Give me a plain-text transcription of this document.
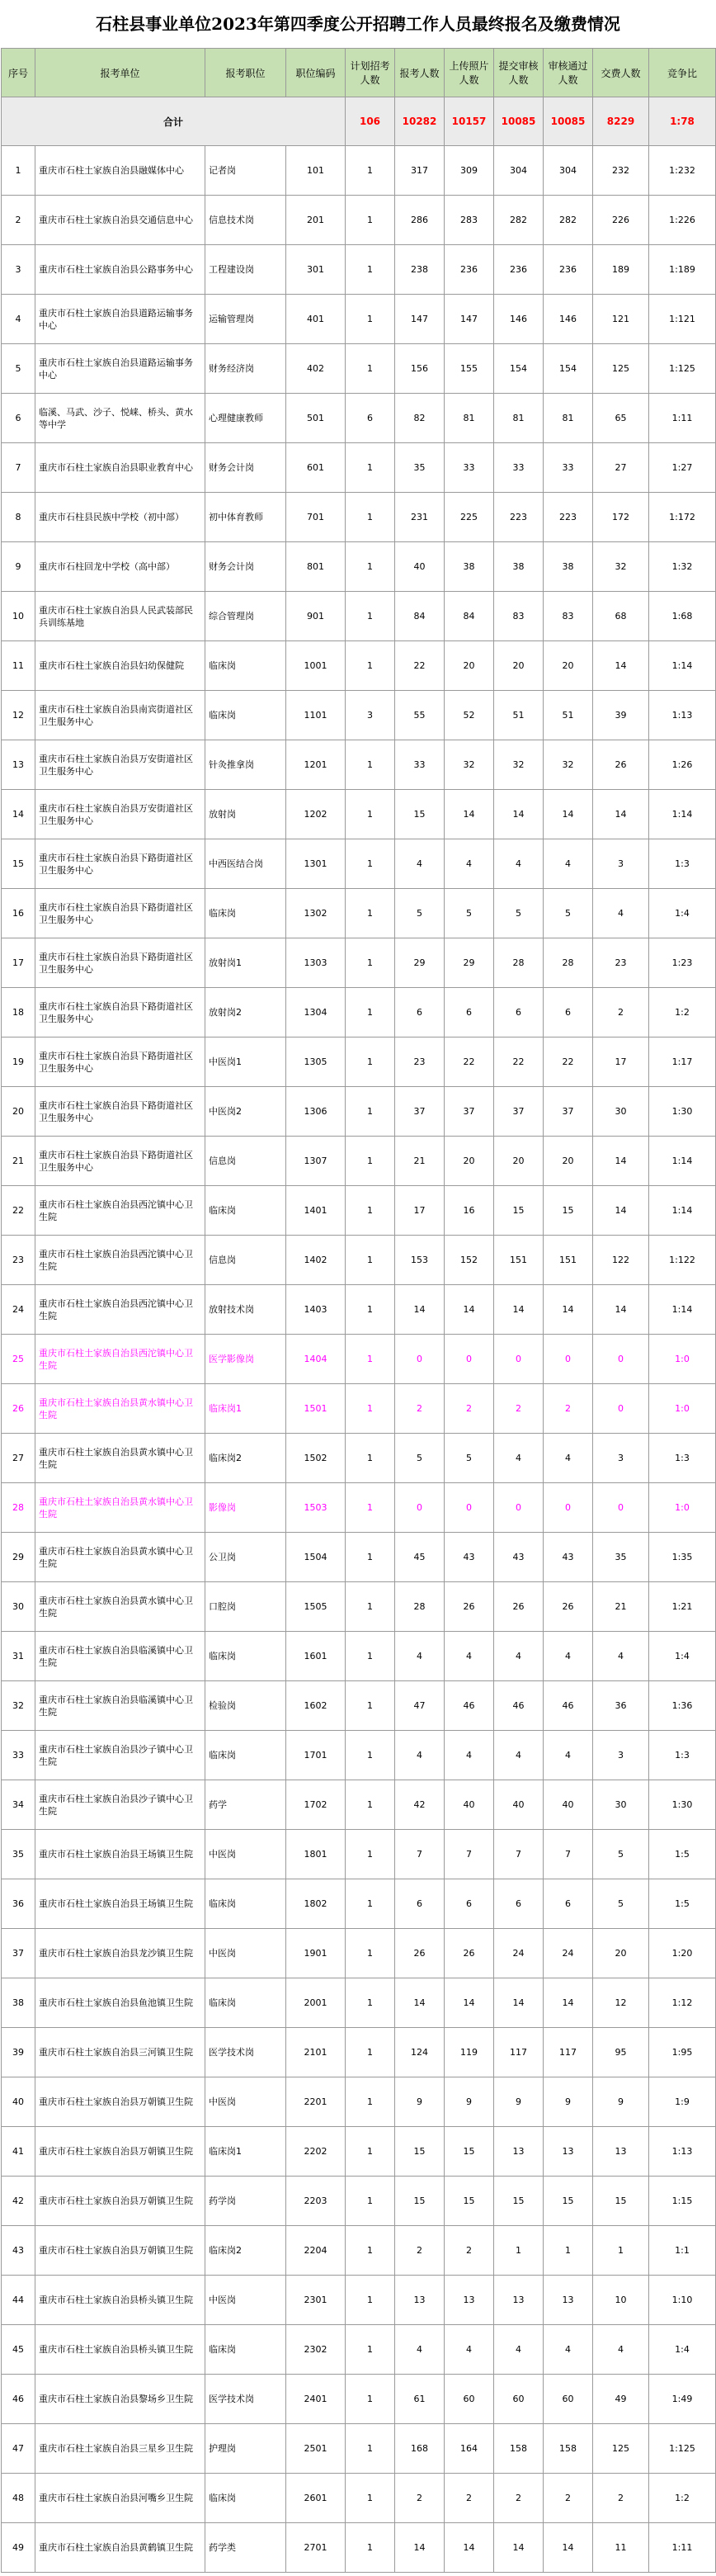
石柱县事业单位2023年第四季度公开招聘工作人员最终报名及缴费情况
序号	报考单位	报考职位	职位编码	计划招考人数	报考人数	上传照片人数	提交审核人数	审核通过人数	交费人数	竞争比
合计				106	10282	10157	10085	10085	8229	1:78
1	重庆市石柱土家族自治县融媒体中心	记者岗	101	1	317	309	304	304	232	1:232
2	重庆市石柱土家族自治县交通信息中心	信息技术岗	201	1	286	283	282	282	226	1:226
3	重庆市石柱土家族自治县公路事务中心	工程建设岗	301	1	238	236	236	236	189	1:189
4	重庆市石柱土家族自治县道路运输事务中心	运输管理岗	401	1	147	147	146	146	121	1:121
5	重庆市石柱土家族自治县道路运输事务中心	财务经济岗	402	1	156	155	154	154	125	1:125
6	临溪、马武、沙子、悦崃、桥头、黄水等中学	心理健康教师	501	6	82	81	81	81	65	1:11
7	重庆市石柱土家族自治县职业教育中心	财务会计岗	601	1	35	33	33	33	27	1:27
8	重庆市石柱县民族中学校（初中部）	初中体育教师	701	1	231	225	223	223	172	1:172
9	重庆市石柱回龙中学校（高中部）	财务会计岗	801	1	40	38	38	38	32	1:32
10	重庆市石柱土家族自治县人民武装部民兵训练基地	综合管理岗	901	1	84	84	83	83	68	1:68
11	重庆市石柱土家族自治县妇幼保健院	临床岗	1001	1	22	20	20	20	14	1:14
12	重庆市石柱土家族自治县南宾街道社区卫生服务中心	临床岗	1101	3	55	52	51	51	39	1:13
13	重庆市石柱土家族自治县万安街道社区卫生服务中心	针灸推拿岗	1201	1	33	32	32	32	26	1:26
14	重庆市石柱土家族自治县万安街道社区卫生服务中心	放射岗	1202	1	15	14	14	14	14	1:14
15	重庆市石柱土家族自治县下路街道社区卫生服务中心	中西医结合岗	1301	1	4	4	4	4	3	1:3
16	重庆市石柱土家族自治县下路街道社区卫生服务中心	临床岗	1302	1	5	5	5	5	4	1:4
17	重庆市石柱土家族自治县下路街道社区卫生服务中心	放射岗1	1303	1	29	29	28	28	23	1:23
18	重庆市石柱土家族自治县下路街道社区卫生服务中心	放射岗2	1304	1	6	6	6	6	2	1:2
19	重庆市石柱土家族自治县下路街道社区卫生服务中心	中医岗1	1305	1	23	22	22	22	17	1:17
20	重庆市石柱土家族自治县下路街道社区卫生服务中心	中医岗2	1306	1	37	37	37	37	30	1:30
21	重庆市石柱土家族自治县下路街道社区卫生服务中心	信息岗	1307	1	21	20	20	20	14	1:14
22	重庆市石柱土家族自治县西沱镇中心卫生院	临床岗	1401	1	17	16	15	15	14	1:14
23	重庆市石柱土家族自治县西沱镇中心卫生院	信息岗	1402	1	153	152	151	151	122	1:122
24	重庆市石柱土家族自治县西沱镇中心卫生院	放射技术岗	1403	1	14	14	14	14	14	1:14
25	重庆市石柱土家族自治县西沱镇中心卫生院	医学影像岗	1404	1	0	0	0	0	0	1:0
26	重庆市石柱土家族自治县黄水镇中心卫生院	临床岗1	1501	1	2	2	2	2	0	1:0
27	重庆市石柱土家族自治县黄水镇中心卫生院	临床岗2	1502	1	5	5	4	4	3	1:3
28	重庆市石柱土家族自治县黄水镇中心卫生院	影像岗	1503	1	0	0	0	0	0	1:0
29	重庆市石柱土家族自治县黄水镇中心卫生院	公卫岗	1504	1	45	43	43	43	35	1:35
30	重庆市石柱土家族自治县黄水镇中心卫生院	口腔岗	1505	1	28	26	26	26	21	1:21
31	重庆市石柱土家族自治县临溪镇中心卫生院	临床岗	1601	1	4	4	4	4	4	1:4
32	重庆市石柱土家族自治县临溪镇中心卫生院	检验岗	1602	1	47	46	46	46	36	1:36
33	重庆市石柱土家族自治县沙子镇中心卫生院	临床岗	1701	1	4	4	4	4	3	1:3
34	重庆市石柱土家族自治县沙子镇中心卫生院	药学	1702	1	42	40	40	40	30	1:30
35	重庆市石柱土家族自治县王场镇卫生院	中医岗	1801	1	7	7	7	7	5	1:5
36	重庆市石柱土家族自治县王场镇卫生院	临床岗	1802	1	6	6	6	6	5	1:5
37	重庆市石柱土家族自治县龙沙镇卫生院	中医岗	1901	1	26	26	24	24	20	1:20
38	重庆市石柱土家族自治县鱼池镇卫生院	临床岗	2001	1	14	14	14	14	12	1:12
39	重庆市石柱土家族自治县三河镇卫生院	医学技术岗	2101	1	124	119	117	117	95	1:95
40	重庆市石柱土家族自治县万朝镇卫生院	中医岗	2201	1	9	9	9	9	9	1:9
41	重庆市石柱土家族自治县万朝镇卫生院	临床岗1	2202	1	15	15	13	13	13	1:13
42	重庆市石柱土家族自治县万朝镇卫生院	药学岗	2203	1	15	15	15	15	15	1:15
43	重庆市石柱土家族自治县万朝镇卫生院	临床岗2	2204	1	2	2	1	1	1	1:1
44	重庆市石柱土家族自治县桥头镇卫生院	中医岗	2301	1	13	13	13	13	10	1:10
45	重庆市石柱土家族自治县桥头镇卫生院	临床岗	2302	1	4	4	4	4	4	1:4
46	重庆市石柱土家族自治县黎场乡卫生院	医学技术岗	2401	1	61	60	60	60	49	1:49
47	重庆市石柱土家族自治县三星乡卫生院	护理岗	2501	1	168	164	158	158	125	1:125
48	重庆市石柱土家族自治县河嘴乡卫生院	临床岗	2601	1	2	2	2	2	2	1:2
49	重庆市石柱土家族自治县黄鹤镇卫生院	药学类	2701	1	14	14	14	14	11	1:11
